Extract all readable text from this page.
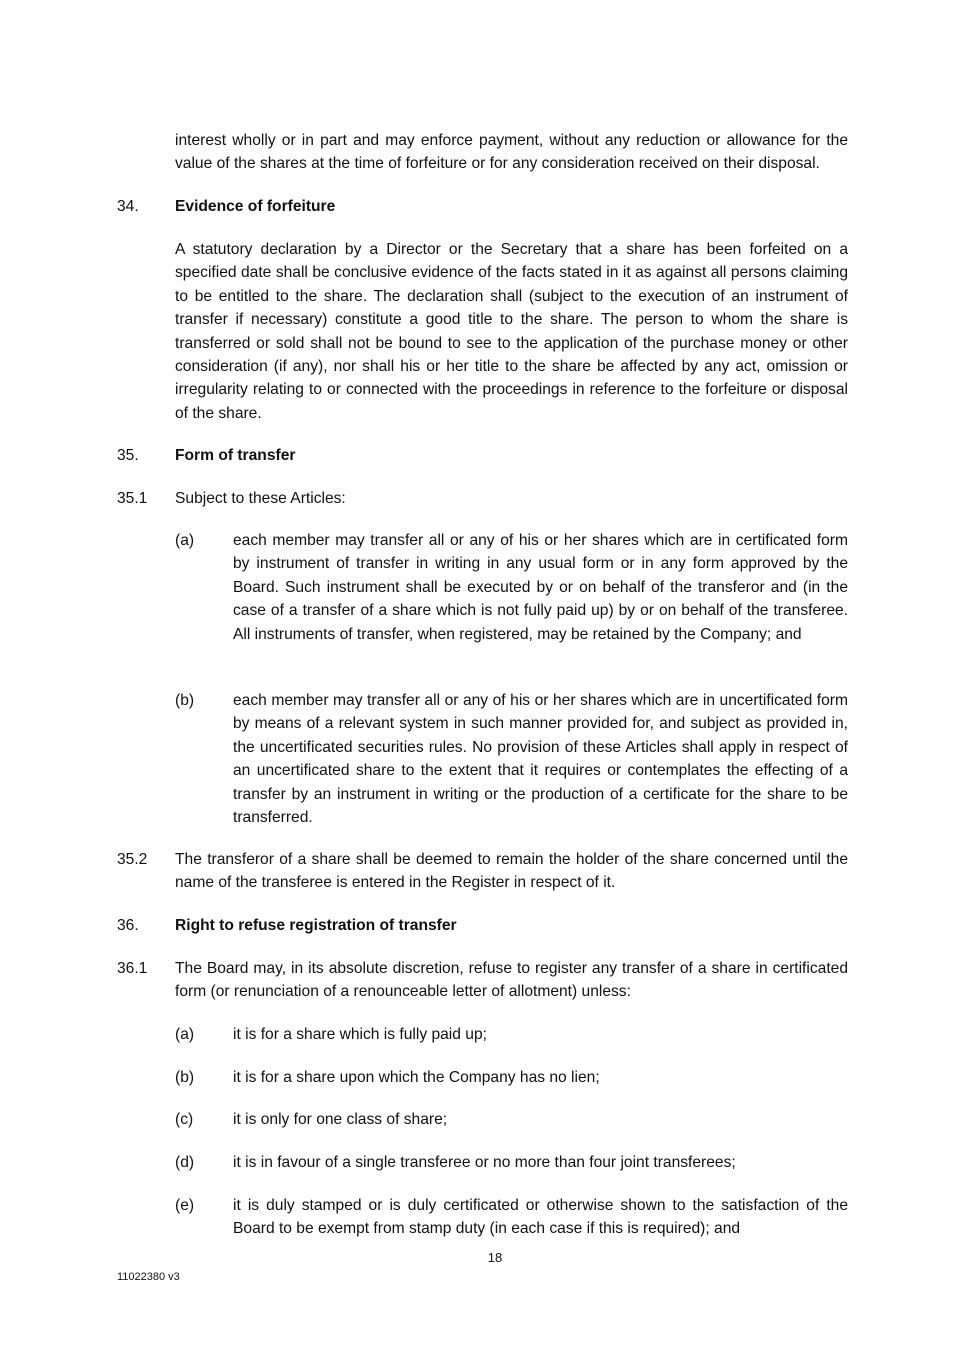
interest wholly or in part and may enforce payment, without any reduction or allowance for the value of the shares at the time of forfeiture or for any consideration received on their disposal.
34. Evidence of forfeiture
A statutory declaration by a Director or the Secretary that a share has been forfeited on a specified date shall be conclusive evidence of the facts stated in it as against all persons claiming to be entitled to the share. The declaration shall (subject to the execution of an instrument of transfer if necessary) constitute a good title to the share. The person to whom the share is transferred or sold shall not be bound to see to the application of the purchase money or other consideration (if any), nor shall his or her title to the share be affected by any act, omission or irregularity relating to or connected with the proceedings in reference to the forfeiture or disposal of the share.
35. Form of transfer
35.1 Subject to these Articles:
(a) each member may transfer all or any of his or her shares which are in certificated form by instrument of transfer in writing in any usual form or in any form approved by the Board. Such instrument shall be executed by or on behalf of the transferor and (in the case of a transfer of a share which is not fully paid up) by or on behalf of the transferee. All instruments of transfer, when registered, may be retained by the Company; and
(b) each member may transfer all or any of his or her shares which are in uncertificated form by means of a relevant system in such manner provided for, and subject as provided in, the uncertificated securities rules. No provision of these Articles shall apply in respect of an uncertificated share to the extent that it requires or contemplates the effecting of a transfer by an instrument in writing or the production of a certificate for the share to be transferred.
35.2 The transferor of a share shall be deemed to remain the holder of the share concerned until the name of the transferee is entered in the Register in respect of it.
36. Right to refuse registration of transfer
36.1 The Board may, in its absolute discretion, refuse to register any transfer of a share in certificated form (or renunciation of a renounceable letter of allotment) unless:
(a) it is for a share which is fully paid up;
(b) it is for a share upon which the Company has no lien;
(c)	it is only for one class of share;
(d) it is in favour of a single transferee or no more than four joint transferees;
(e) it is duly stamped or is duly certificated or otherwise shown to the satisfaction of the Board to be exempt from stamp duty (in each case if this is required); and
18
11022380 v3
